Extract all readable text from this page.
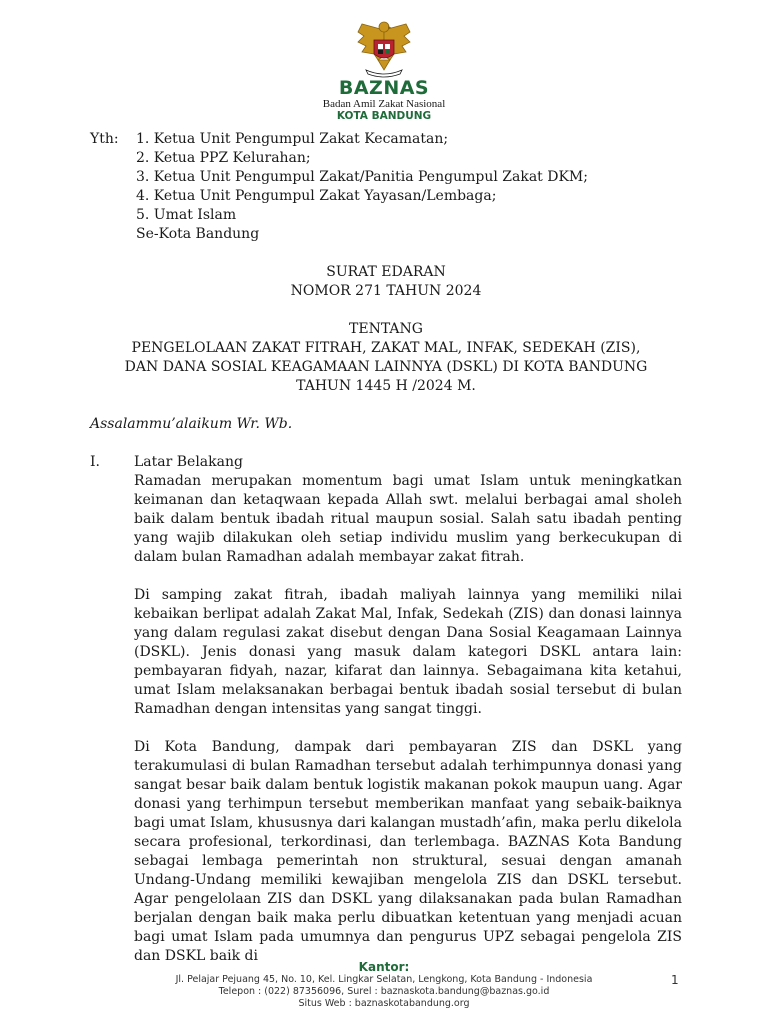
BAZNAS
Badan Amil Zakat Nasional
KOTA BANDUNG
Yth:	1. Ketua Unit Pengumpul Zakat Kecamatan;
2. Ketua PPZ Kelurahan;
3. Ketua Unit Pengumpul Zakat/Panitia Pengumpul Zakat DKM;
4. Ketua Unit Pengumpul Zakat Yayasan/Lembaga;
5. Umat Islam
Se-Kota Bandung
SURAT EDARAN
NOMOR 271 TAHUN 2024
TENTANG
PENGELOLAAN ZAKAT FITRAH, ZAKAT MAL, INFAK, SEDEKAH (ZIS),
DAN DANA SOSIAL KEAGAMAAN LAINNYA (DSKL) DI KOTA BANDUNG
TAHUN 1445 H /2024 M.
Assalammu’alaikum Wr. Wb.
I.	Latar Belakang

Ramadan merupakan momentum bagi umat Islam untuk meningkatkan keimanan dan ketaqwaan kepada Allah swt. melalui berbagai amal sholeh baik dalam bentuk ibadah ritual maupun sosial. Salah satu ibadah penting yang wajib dilakukan oleh setiap individu muslim yang berkecukupan di dalam bulan Ramadhan adalah membayar zakat fitrah.

Di samping zakat fitrah, ibadah maliyah lainnya yang memiliki nilai kebaikan berlipat adalah Zakat Mal, Infak, Sedekah (ZIS) dan donasi lainnya yang dalam regulasi zakat disebut dengan Dana Sosial Keagamaan Lainnya (DSKL). Jenis donasi yang masuk dalam kategori DSKL antara lain: pembayaran fidyah, nazar, kifarat dan lainnya. Sebagaimana kita ketahui, umat Islam melaksanakan berbagai bentuk ibadah sosial tersebut di bulan Ramadhan dengan intensitas yang sangat tinggi.

Di Kota Bandung, dampak dari pembayaran ZIS dan DSKL yang terakumulasi di bulan Ramadhan tersebut adalah terhimpunnya donasi yang sangat besar baik dalam bentuk logistik makanan pokok maupun uang. Agar donasi yang terhimpun tersebut memberikan manfaat yang sebaik-baiknya bagi umat Islam, khususnya dari kalangan mustadh’afin, maka perlu dikelola secara profesional, terkordinasi, dan terlembaga. BAZNAS Kota Bandung sebagai lembaga pemerintah non struktural, sesuai dengan amanah Undang-Undang memiliki kewajiban mengelola ZIS dan DSKL tersebut. Agar pengelolaan ZIS dan DSKL yang dilaksanakan pada bulan Ramadhan berjalan dengan baik maka perlu dibuatkan ketentuan yang menjadi acuan bagi umat Islam pada umumnya dan pengurus UPZ sebagai pengelola ZIS dan DSKL baik di

Kantor:
Jl. Pelajar Pejuang 45, No. 10, Kel. Lingkar Selatan, Lengkong, Kota Bandung - Indonesia
Telepon : (022) 87356096, Surel : baznaskota.bandung@baznas.go.id
Situs Web : baznaskotabandung.org
1
